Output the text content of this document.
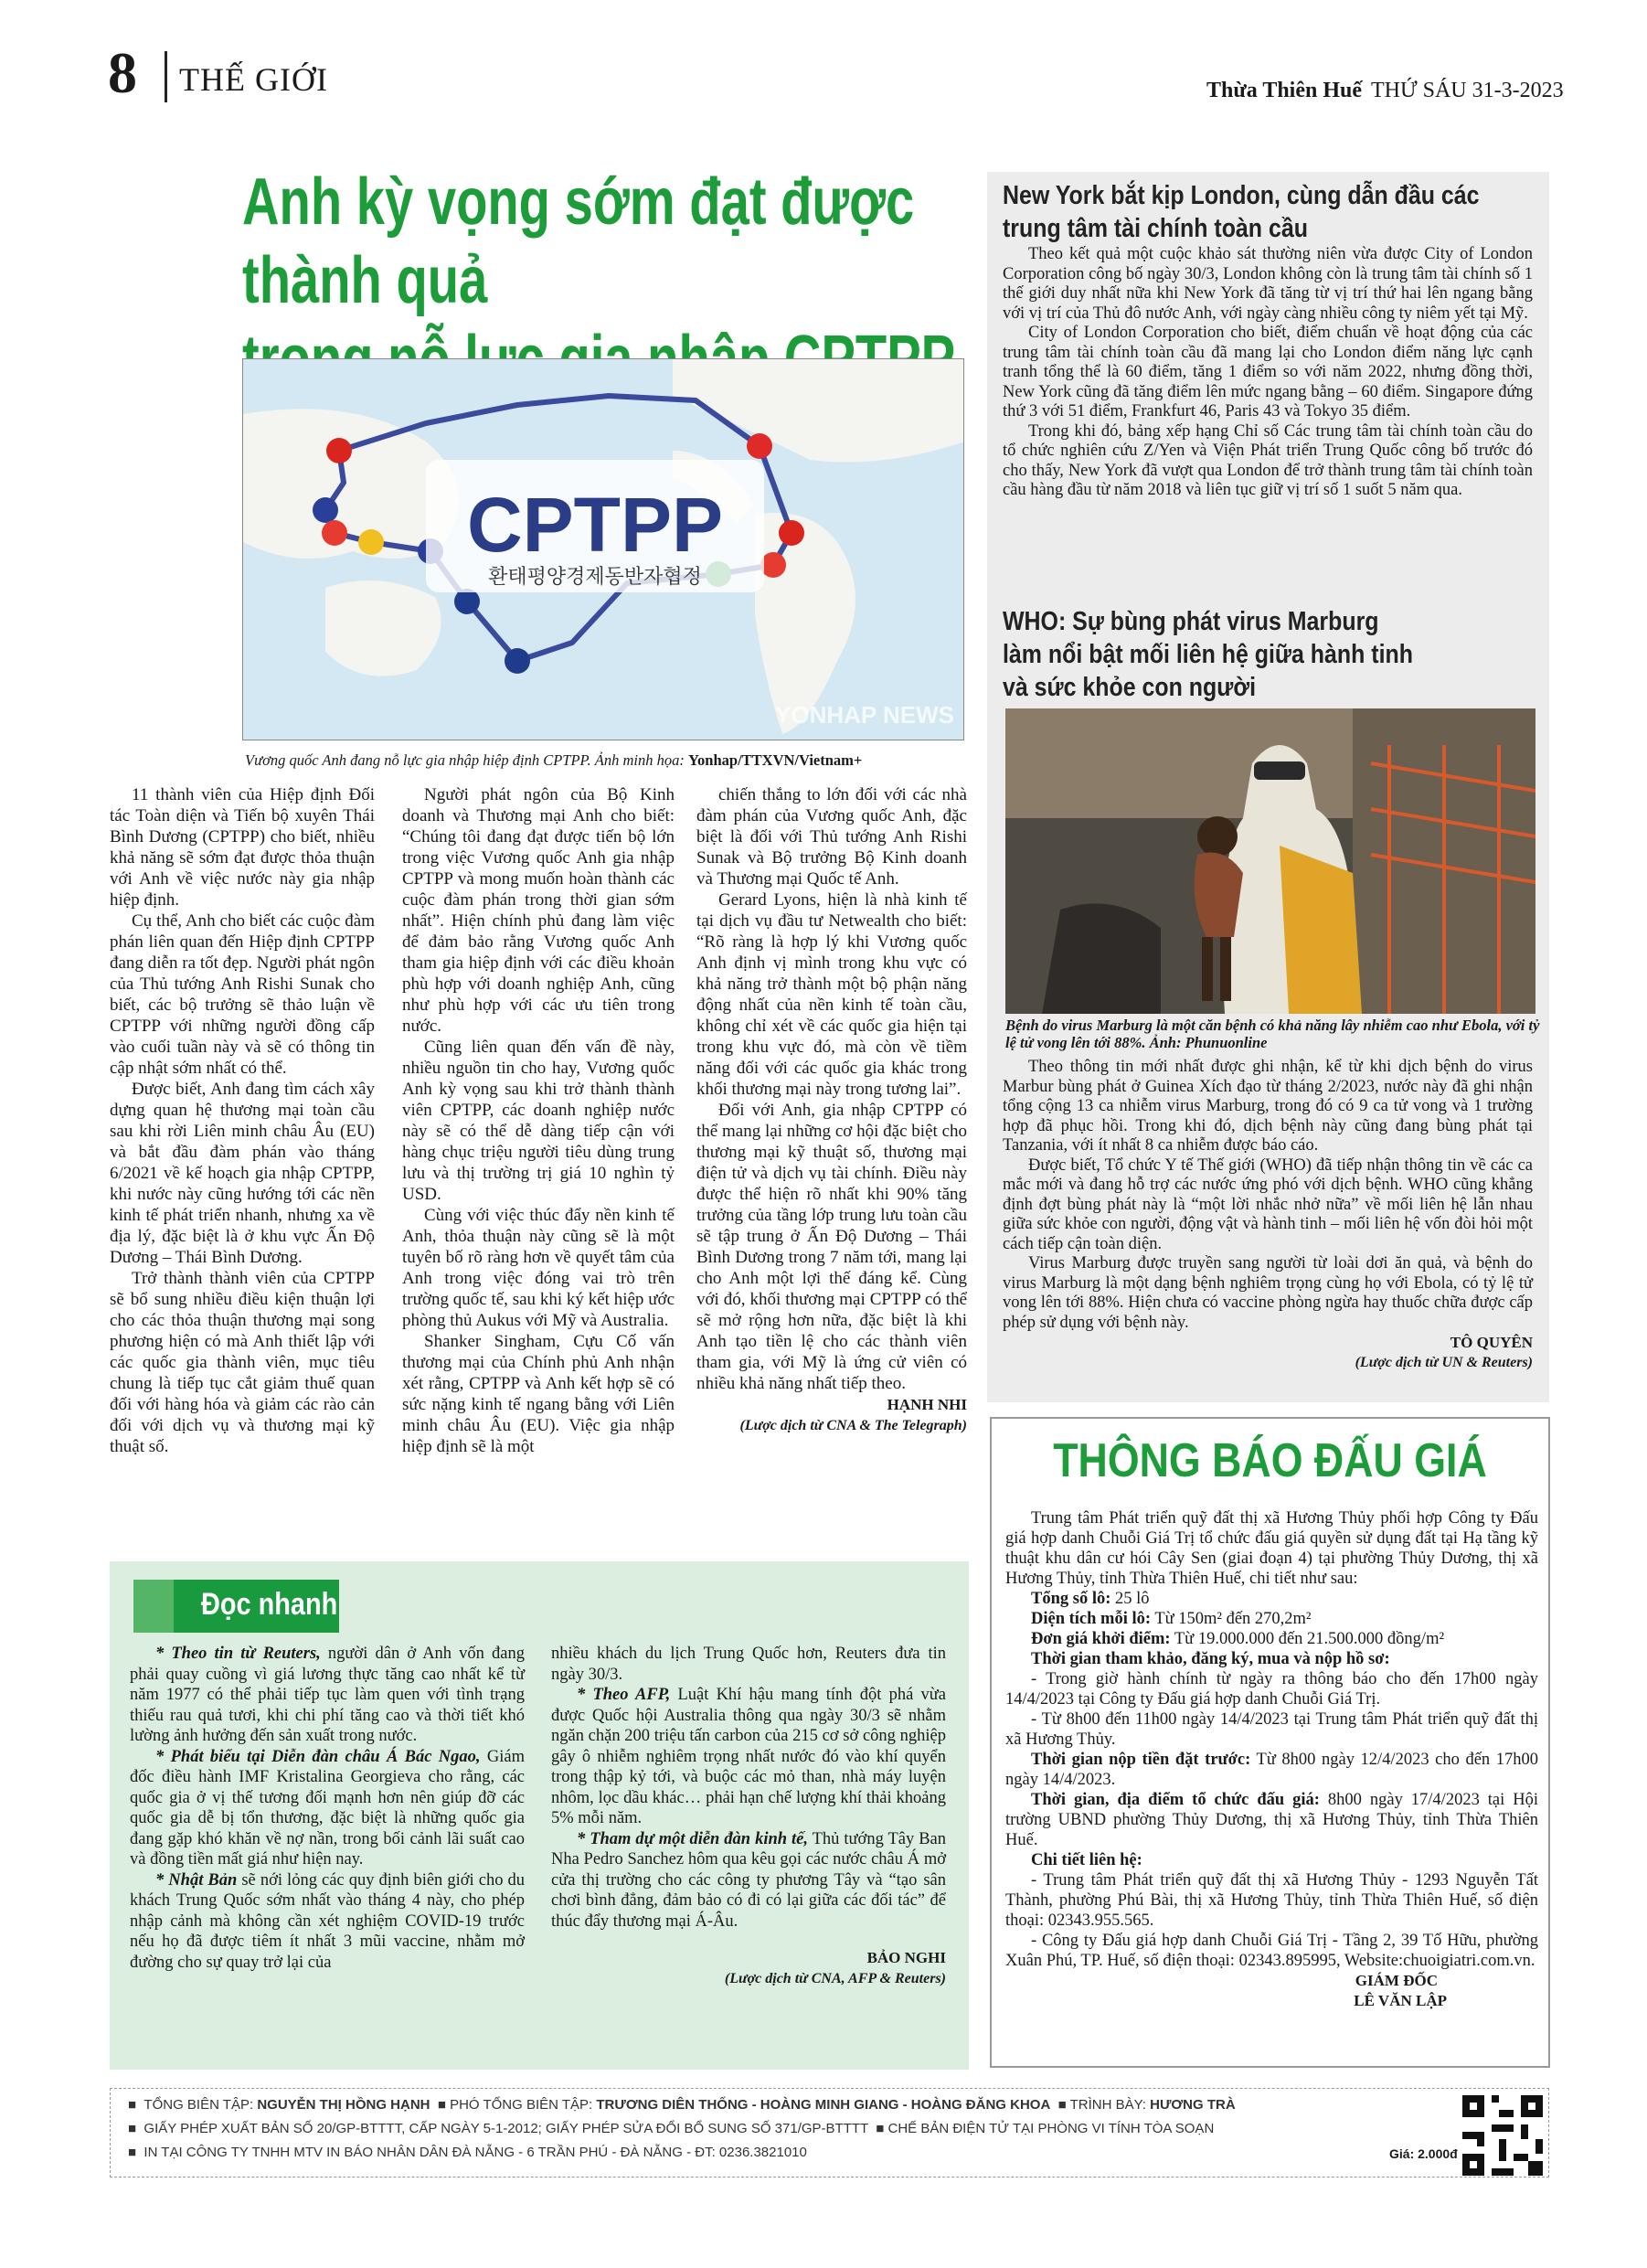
8 THẾ GIỚI	Thừa Thiên Huế THỨ SÁU 31-3-2023
Anh kỳ vọng sớm đạt được thành quả
CPTPP
환태평양경제동반자협정
YONHAP NEWS
Vương quốc Anh đang nỗ lực gia nhập hiệp định CPTPP. Ảnh minh họa: Yonhap/TTXVN/Vietnam+

11 thành viên của Hiệp định Đối tác Toàn diện và Tiến bộ xuyên Thái Bình Dương (CPTPP) cho biết, nhiều khả năng sẽ sớm đạt được thỏa thuận với Anh về việc nước này gia nhập hiệp định.

Cụ thể, Anh cho biết các cuộc đàm phán liên quan đến Hiệp định CPTPP đang diễn ra tốt đẹp. Người phát ngôn của Thủ tướng Anh Rishi Sunak cho biết, các bộ trưởng sẽ thảo luận về CPTPP với những người đồng cấp vào cuối tuần này và sẽ có thông tin cập nhật sớm nhất có thể.

Được biết, Anh đang tìm cách xây dựng quan hệ thương mại toàn cầu sau khi rời Liên minh châu Âu (EU) và bắt đầu đàm phán vào tháng 6/2021 về kế hoạch gia nhập CPTPP, khi nước này cũng hướng tới các nền kinh tế phát triển nhanh, nhưng xa về địa lý, đặc biệt là ở khu vực Ấn Độ Dương – Thái Bình Dương.

Trở thành thành viên của CPTPP sẽ bổ sung nhiều điều kiện thuận lợi cho các thỏa thuận thương mại song phương hiện có mà Anh thiết lập với các quốc gia thành viên, mục tiêu chung là tiếp tục cắt giảm thuế quan đối với hàng hóa và giảm các rào cản đối với dịch vụ và thương mại kỹ thuật số.

Người phát ngôn của Bộ Kinh doanh và Thương mại Anh cho biết: “Chúng tôi đang đạt được tiến bộ lớn trong việc Vương quốc Anh gia nhập CPTPP và mong muốn hoàn thành các cuộc đàm phán trong thời gian sớm nhất”. Hiện chính phủ đang làm việc để đảm bảo rằng Vương quốc Anh tham gia hiệp định với các điều khoản phù hợp với doanh nghiệp Anh, cũng như phù hợp với các ưu tiên trong nước.

Cũng liên quan đến vấn đề này, nhiều nguồn tin cho hay, Vương quốc Anh kỳ vọng sau khi trở thành thành viên CPTPP, các doanh nghiệp nước này sẽ có thể dễ dàng tiếp cận với hàng chục triệu người tiêu dùng trung lưu và thị trường trị giá 10 nghìn tỷ USD.

Cùng với việc thúc đẩy nền kinh tế Anh, thỏa thuận này cũng sẽ là một tuyên bố rõ ràng hơn về quyết tâm của Anh trong việc đóng vai trò trên trường quốc tế, sau khi ký kết hiệp ước phòng thủ Aukus với Mỹ và Australia.

Shanker Singham, Cựu Cố vấn thương mại của Chính phủ Anh nhận xét rằng, CPTPP và Anh kết hợp sẽ có sức nặng kinh tế ngang bằng với Liên minh châu Âu (EU). Việc gia nhập hiệp định sẽ là một

chiến thắng to lớn đối với các nhà đàm phán của Vương quốc Anh, đặc biệt là đối với Thủ tướng Anh Rishi Sunak và Bộ trưởng Bộ Kinh doanh và Thương mại Quốc tế Anh.

Gerard Lyons, hiện là nhà kinh tế tại dịch vụ đầu tư Netwealth cho biết: “Rõ ràng là hợp lý khi Vương quốc Anh định vị mình trong khu vực có khả năng trở thành một bộ phận năng động nhất của nền kinh tế toàn cầu, không chỉ xét về các quốc gia hiện tại trong khu vực đó, mà còn về tiềm năng đối với các quốc gia khác trong khối thương mại này trong tương lai”.

Đối với Anh, gia nhập CPTPP có thể mang lại những cơ hội đặc biệt cho thương mại kỹ thuật số, thương mại điện tử và dịch vụ tài chính. Điều này được thể hiện rõ nhất khi 90% tăng trưởng của tầng lớp trung lưu toàn cầu sẽ tập trung ở Ấn Độ Dương – Thái Bình Dương trong 7 năm tới, mang lại cho Anh một lợi thế đáng kể. Cùng với đó, khối thương mại CPTPP có thể sẽ mở rộng hơn nữa, đặc biệt là khi Anh tạo tiền lệ cho các thành viên tham gia, với Mỹ là ứng cử viên có nhiều khả năng nhất tiếp theo.

HẠNH NHI

(Lược dịch từ CNA & The Telegraph)

New York bắt kịp London, cùng dẫn đầu các
trung tâm tài chính toàn cầu

Theo kết quả một cuộc khảo sát thường niên vừa được City of London Corporation công bố ngày 30/3, London không còn là trung tâm tài chính số 1 thế giới duy nhất nữa khi New York đã tăng từ vị trí thứ hai lên ngang bằng với vị trí của Thủ đô nước Anh, với ngày càng nhiều công ty niêm yết tại Mỹ.

City of London Corporation cho biết, điểm chuẩn về hoạt động của các trung tâm tài chính toàn cầu đã mang lại cho London điểm năng lực cạnh tranh tổng thể là 60 điểm, tăng 1 điểm so với năm 2022, nhưng đồng thời, New York cũng đã tăng điểm lên mức ngang bằng – 60 điểm. Singapore đứng thứ 3 với 51 điểm, Frankfurt 46, Paris 43 và Tokyo 35 điểm.

Trong khi đó, bảng xếp hạng Chỉ số Các trung tâm tài chính toàn cầu do tổ chức nghiên cứu Z/Yen và Viện Phát triển Trung Quốc công bố trước đó cho thấy, New York đã vượt qua London để trở thành trung tâm tài chính toàn cầu hàng đầu từ năm 2018 và liên tục giữ vị trí số 1 suốt 5 năm qua.

WHO: Sự bùng phát virus Marburg
làm nổi bật mối liên hệ giữa hành tinh
và sức khỏe con người
Bệnh do virus Marburg là một căn bệnh có khả năng lây nhiễm cao như Ebola, với tỷ lệ tử vong lên tới 88%. Ảnh: Phunuonline

Theo thông tin mới nhất được ghi nhận, kể từ khi dịch bệnh do virus Marbur bùng phát ở Guinea Xích đạo từ tháng 2/2023, nước này đã ghi nhận tổng cộng 13 ca nhiễm virus Marburg, trong đó có 9 ca tử vong và 1 trường hợp đã phục hồi. Trong khi đó, dịch bệnh này cũng đang bùng phát tại Tanzania, với ít nhất 8 ca nhiễm được báo cáo.

Được biết, Tổ chức Y tế Thế giới (WHO) đã tiếp nhận thông tin về các ca mắc mới và đang hỗ trợ các nước ứng phó với dịch bệnh. WHO cũng khẳng định đợt bùng phát này là “một lời nhắc nhở nữa” về mối liên hệ lẫn nhau giữa sức khỏe con người, động vật và hành tinh – mối liên hệ vốn đòi hỏi một cách tiếp cận toàn diện.

Virus Marburg được truyền sang người từ loài dơi ăn quả, và bệnh do virus Marburg là một dạng bệnh nghiêm trọng cùng họ với Ebola, có tỷ lệ tử vong lên tới 88%. Hiện chưa có vaccine phòng ngừa hay thuốc chữa được cấp phép sử dụng với bệnh này.

TÔ QUYÊN

(Lược dịch từ UN & Reuters)

THÔNG BÁO ĐẤU GIÁ

Trung tâm Phát triển quỹ đất thị xã Hương Thủy phối hợp Công ty Đấu giá hợp danh Chuỗi Giá Trị tổ chức đấu giá quyền sử dụng đất tại Hạ tầng kỹ thuật khu dân cư hói Cây Sen (giai đoạn 4) tại phường Thủy Dương, thị xã Hương Thủy, tỉnh Thừa Thiên Huế, chi tiết như sau:

Tổng số lô: 25 lô

Diện tích mỗi lô: Từ 150m² đến 270,2m²

Đơn giá khởi điểm: Từ 19.000.000 đến 21.500.000 đồng/m²

Thời gian tham khảo, đăng ký, mua và nộp hồ sơ:

- Trong giờ hành chính từ ngày ra thông báo cho đến 17h00 ngày 14/4/2023 tại Công ty Đấu giá hợp danh Chuỗi Giá Trị.

- Từ 8h00 đến 11h00 ngày 14/4/2023 tại Trung tâm Phát triển quỹ đất thị xã Hương Thủy.

Thời gian nộp tiền đặt trước: Từ 8h00 ngày 12/4/2023 cho đến 17h00 ngày 14/4/2023.

Thời gian, địa điểm tổ chức đấu giá: 8h00 ngày 17/4/2023 tại Hội trường UBND phường Thủy Dương, thị xã Hương Thủy, tỉnh Thừa Thiên Huế.

Chi tiết liên hệ:

- Trung tâm Phát triển quỹ đất thị xã Hương Thủy - 1293 Nguyễn Tất Thành, phường Phú Bài, thị xã Hương Thủy, tỉnh Thừa Thiên Huế, số điện thoại: 02343.955.565.

- Công ty Đấu giá hợp danh Chuỗi Giá Trị - Tầng 2, 39 Tố Hữu, phường Xuân Phú, TP. Huế, số điện thoại: 02343.895995, Website:chuoigiatri.com.vn.

GIÁM ĐỐC

LÊ VĂN LẬP

Đọc nhanh

* Theo tin từ Reuters, người dân ở Anh vốn đang phải quay cuồng vì giá lương thực tăng cao nhất kể từ năm 1977 có thể phải tiếp tục làm quen với tình trạng thiếu rau quả tươi, khi chi phí tăng cao và thời tiết khó lường ảnh hưởng đến sản xuất trong nước.

* Phát biểu tại Diễn đàn châu Á Bác Ngao, Giám đốc điều hành IMF Kristalina Georgieva cho rằng, các quốc gia ở vị thế tương đối mạnh hơn nên giúp đỡ các quốc gia dễ bị tổn thương, đặc biệt là những quốc gia đang gặp khó khăn về nợ nần, trong bối cảnh lãi suất cao và đồng tiền mất giá như hiện nay.

* Nhật Bản sẽ nới lỏng các quy định biên giới cho du khách Trung Quốc sớm nhất vào tháng 4 này, cho phép nhập cảnh mà không cần xét nghiệm COVID-19 trước nếu họ đã được tiêm ít nhất 3 mũi vaccine, nhằm mở đường cho sự quay trở lại của

nhiều khách du lịch Trung Quốc hơn, Reuters đưa tin ngày 30/3.

* Theo AFP, Luật Khí hậu mang tính đột phá vừa được Quốc hội Australia thông qua ngày 30/3 sẽ nhằm ngăn chặn 200 triệu tấn carbon của 215 cơ sở công nghiệp gây ô nhiễm nghiêm trọng nhất nước đó vào khí quyển trong thập kỷ tới, và buộc các mỏ than, nhà máy luyện nhôm, lọc dầu khác… phải hạn chế lượng khí thải khoảng 5% mỗi năm.

* Tham dự một diễn đàn kinh tế, Thủ tướng Tây Ban Nha Pedro Sanchez hôm qua kêu gọi các nước châu Á mở cửa thị trường cho các công ty phương Tây và “tạo sân chơi bình đẳng, đảm bảo có đi có lại giữa các đối tác” để thúc đẩy thương mại Á-Âu.

BẢO NGHI

(Lược dịch từ CNA, AFP & Reuters)

■  TỔNG BIÊN TẬP: NGUYỄN THỊ HỒNG HẠNH  ■ PHÓ TỔNG BIÊN TẬP: TRƯƠNG DIÊN THỐNG - HOÀNG MINH GIANG - HOÀNG ĐĂNG KHOA  ■ TRÌNH BÀY: HƯƠNG TRÀ
■  GIẤY PHÉP XUẤT BẢN SỐ 20/GP-BTTTT, CẤP NGÀY 5-1-2012; GIẤY PHÉP SỬA ĐỔI BỔ SUNG SỐ 371/GP-BTTTT  ■ CHẾ BẢN ĐIỆN TỬ TẠI PHÒNG VI TÍNH TÒA SOẠN
■  IN TẠI CÔNG TY TNHH MTV IN BÁO NHÂN DÂN ĐÀ NẴNG - 6 TRẦN PHÚ - ĐÀ NẴNG - ĐT: 0236.3821010	Giá: 2.000đ
